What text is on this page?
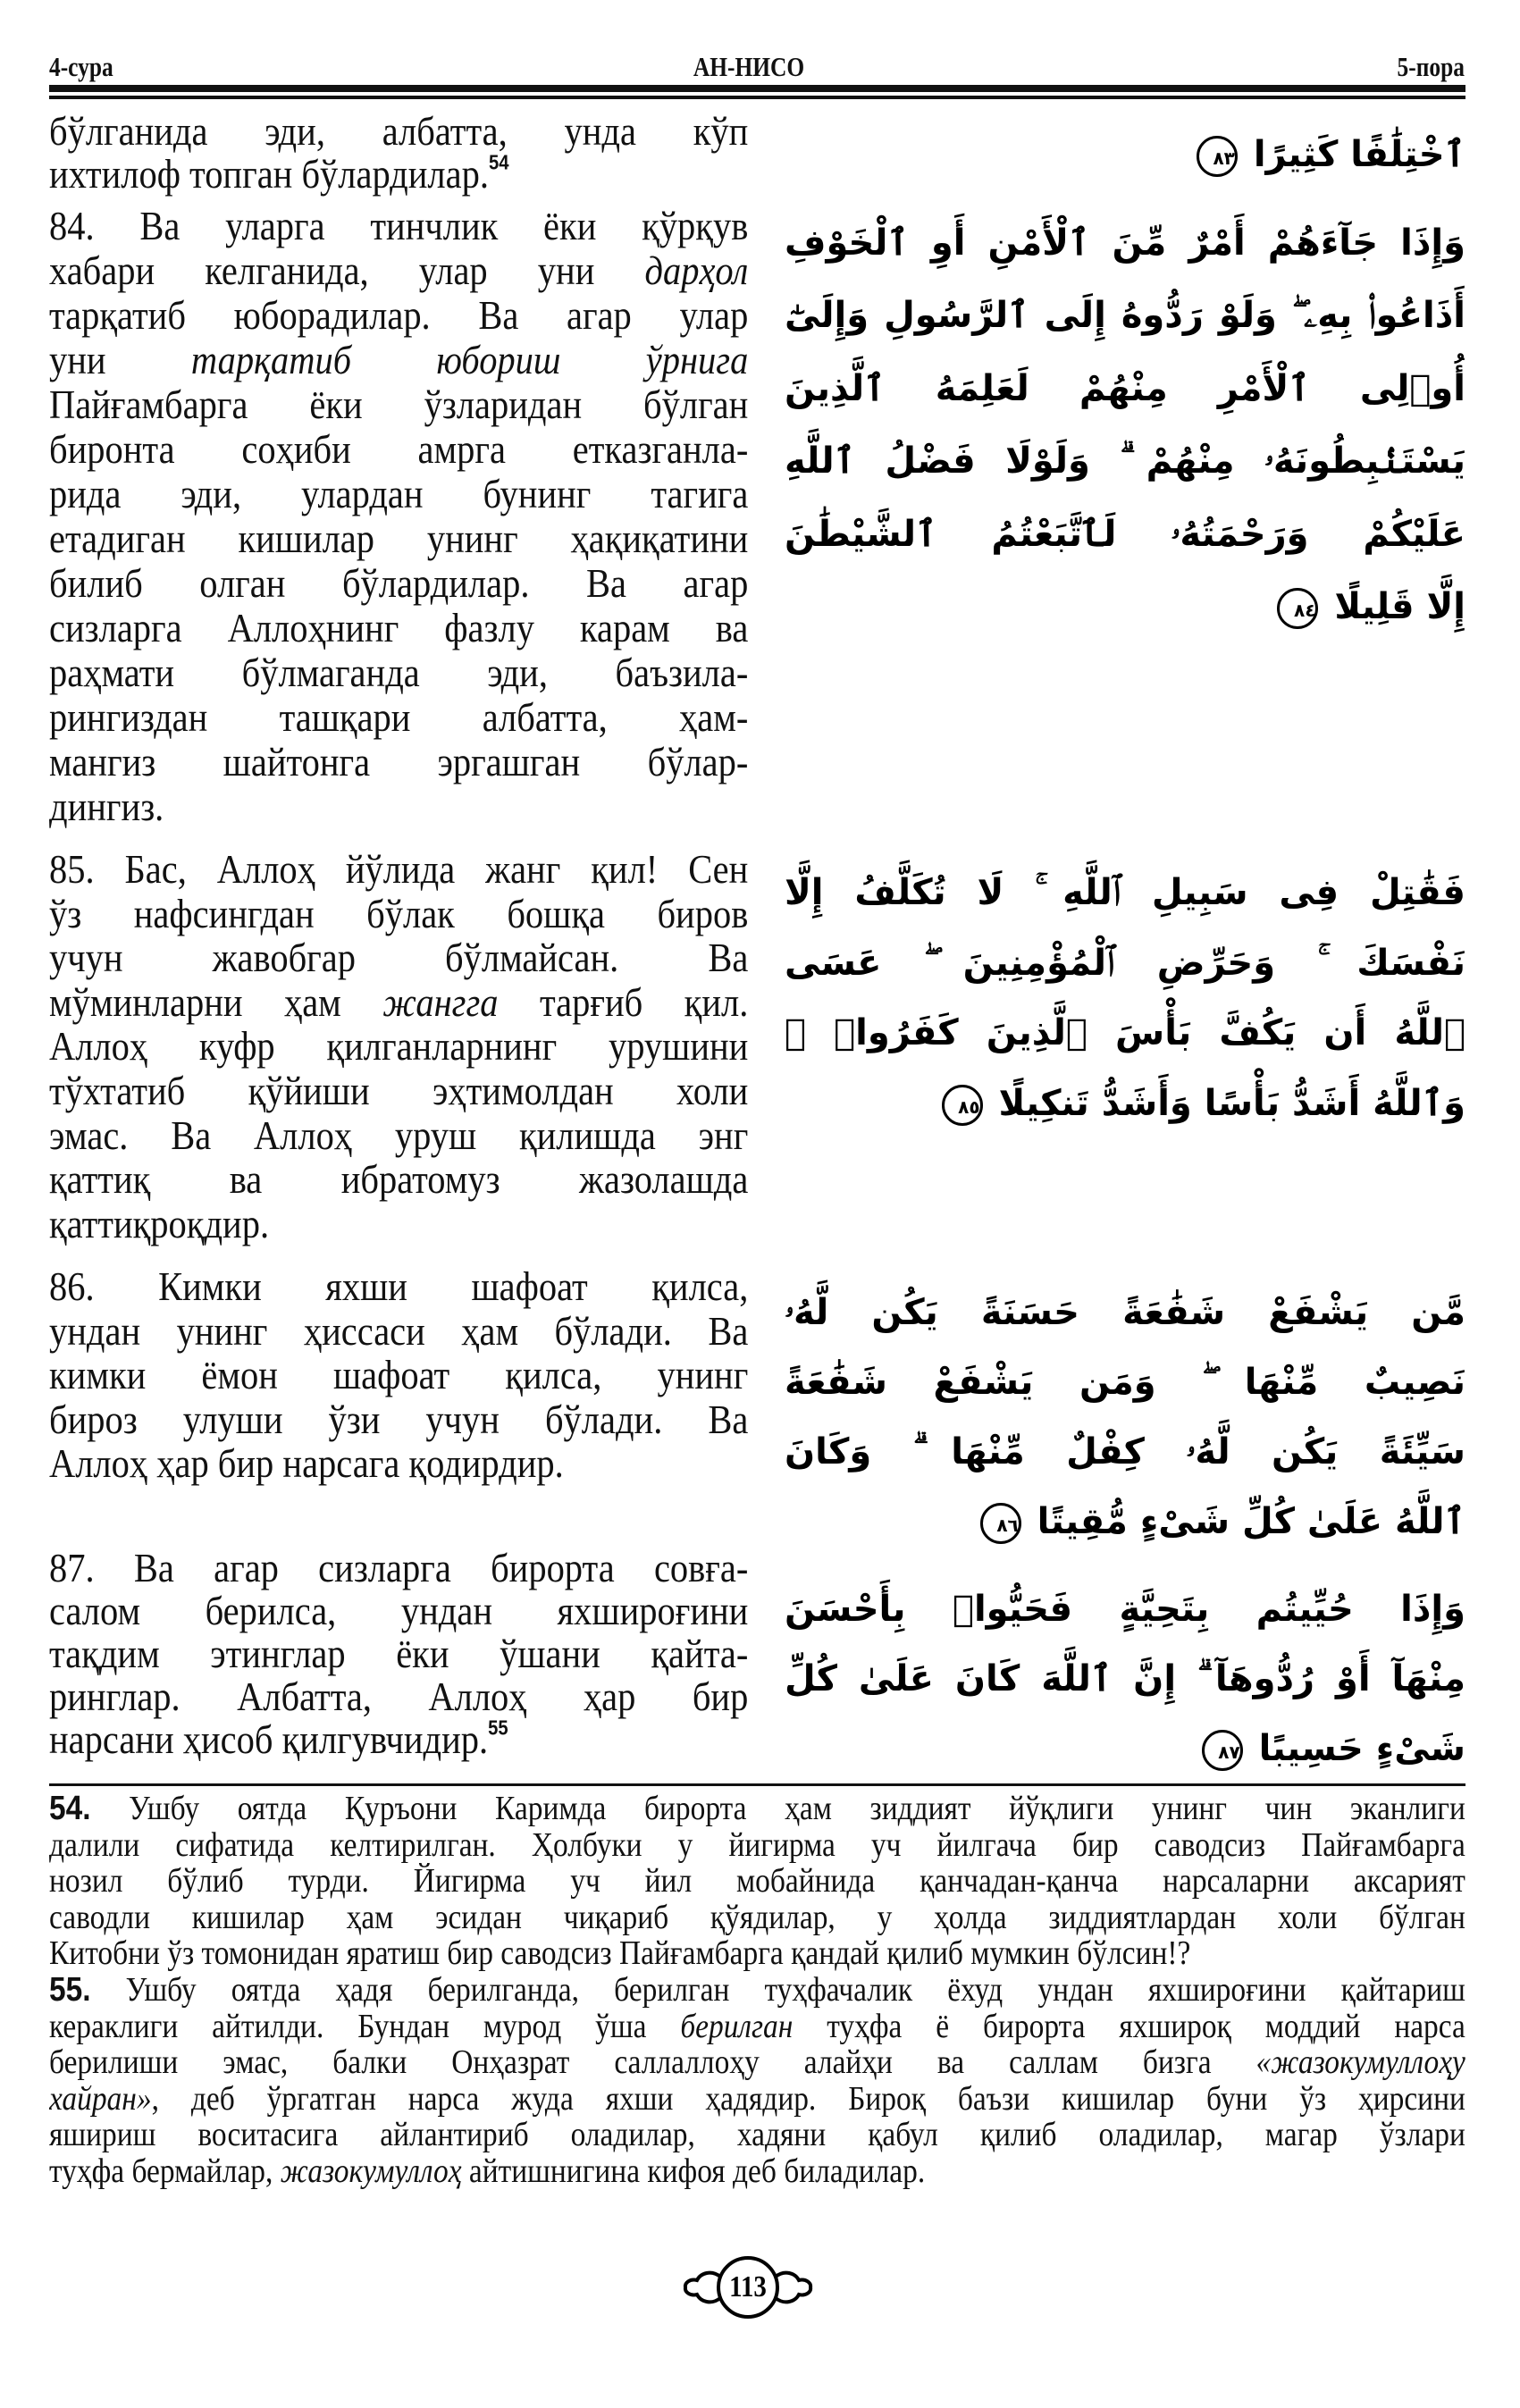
4-сура	АН-НИСО	5-пора
бўлганида эди, албатта, унда кўп
ихтилоф топган бўлардилар.$^{54}$
84. Ва уларга тинчлик ёки қўрқув
хабари келганида, улар уни дарҳол
тарқатиб юборадилар. Ва агар улар
уни тарқатиб юбориш ўрнига
Пайғамбарга ёки ўзларидан бўлган
биронта соҳиби амрга етказганла-
рида эди, улардан бунинг тагига
етадиган кишилар унинг ҳақиқатини
билиб олган бўлардилар. Ва агар
сизларга Аллоҳнинг фазлу карам ва
раҳмати бўлмаганда эди, баъзила-
рингиздан ташқари албатта, ҳам-
мангиз шайтонга эргашган бўлар-
дингиз.
85. Бас, Аллоҳ йўлида жанг қил! Сен
ўз нафсингдан бўлак бошқа биров
учун жавобгар бўлмайсан. Ва
мўминларни ҳам жангга тарғиб қил.
Аллоҳ куфр қилганларнинг урушини
тўхтатиб қўйиши эҳтимолдан холи
эмас. Ва Аллоҳ уруш қилишда энг
қаттиқ ва ибратомуз жазолашда
қаттиқроқдир.
86. Кимки яхши шафоат қилса,
ундан унинг ҳиссаси ҳам бўлади. Ва
кимки ёмон шафоат қилса, унинг
бироз улуши ўзи учун бўлади. Ва
Аллоҳ ҳар бир нарсага қодирдир.
87. Ва агар сизларга бирорта совға-
салом берилса, ундан яхшироғини
тақдим этинглар ёки ўшани қайта-
ринглар. Албатта, Аллоҳ ҳар бир
нарсани ҳисоб қилгувчидир.$^{55}$
ٱخْتِلَٰفًا كَثِيرًا ٨٣
وَإِذَا جَآءَهُمْ أَمْرٌ مِّنَ ٱلْأَمْنِ أَوِ ٱلْخَوْفِ
أَذَاعُوا۟ بِهِۦ ۖ وَلَوْ رَدُّوهُ إِلَى ٱلرَّسُولِ وَإِلَىٰٓ
أُو۟لِى ٱلْأَمْرِ مِنْهُمْ لَعَلِمَهُ ٱلَّذِينَ
يَسْتَنۢبِطُونَهُۥ مِنْهُمْ ۗ وَلَوْلَا فَضْلُ ٱللَّهِ
عَلَيْكُمْ وَرَحْمَتُهُۥ لَٱتَّبَعْتُمُ ٱلشَّيْطَٰنَ
إِلَّا قَلِيلًا ٨٤
فَقَٰتِلْ فِى سَبِيلِ ٱللَّهِ ۚ لَا تُكَلَّفُ إِلَّا
نَفْسَكَ ۚ وَحَرِّضِ ٱلْمُؤْمِنِينَ ۖ عَسَى
ٱللَّهُ أَن يَكُفَّ بَأْسَ ٱلَّذِينَ كَفَرُوا۟ ۚ
وَٱللَّهُ أَشَدُّ بَأْسًا وَأَشَدُّ تَنكِيلًا ٨٥
مَّن يَشْفَعْ شَفَٰعَةً حَسَنَةً يَكُن لَّهُۥ
نَصِيبٌ مِّنْهَا ۖ وَمَن يَشْفَعْ شَفَٰعَةً
سَيِّئَةً يَكُن لَّهُۥ كِفْلٌ مِّنْهَا ۗ وَكَانَ
ٱللَّهُ عَلَىٰ كُلِّ شَىْءٍ مُّقِيتًا ٨٦
وَإِذَا حُيِّيتُم بِتَحِيَّةٍ فَحَيُّوا۟ بِأَحْسَنَ
مِنْهَآ أَوْ رُدُّوهَآ ۗ إِنَّ ٱللَّهَ كَانَ عَلَىٰ كُلِّ
شَىْءٍ حَسِيبًا ٨٧
54. Ушбу оятда Қуръони Каримда бирорта ҳам зиддият йўқлиги унинг чин эканлиги
далили сифатида келтирилган. Ҳолбуки у йигирма уч йилгача бир саводсиз Пайғамбарга
нозил бўлиб турди. Йигирма уч йил мобайнида қанчадан-қанча нарсаларни аксарият
саводли кишилар ҳам эсидан чиқариб қўядилар, у ҳолда зиддиятлардан холи бўлган
Китобни ўз томонидан яратиш бир саводсиз Пайғамбарга қандай қилиб мумкин бўлсин!?
55. Ушбу оятда ҳадя берилганда, берилган туҳфачалик ёхуд ундан яхшироғини қайтариш
кераклиги айтилди. Бундан мурод ўша берилган туҳфа ё бирорта яхшироқ моддий нарса
берилиши эмас, балки Онҳазрат саллаллоҳу алайҳи ва саллам бизга «жазокумуллоҳу
хайран», деб ўргатган нарса жуда яхши ҳадядир. Бироқ баъзи кишилар буни ўз ҳирсини
яшириш воситасига айлантириб оладилар, хадяни қабул қилиб оладилар, магар ўзлари
туҳфа бермайлар, жазокумуллоҳ айтишнигина кифоя деб биладилар.
113
